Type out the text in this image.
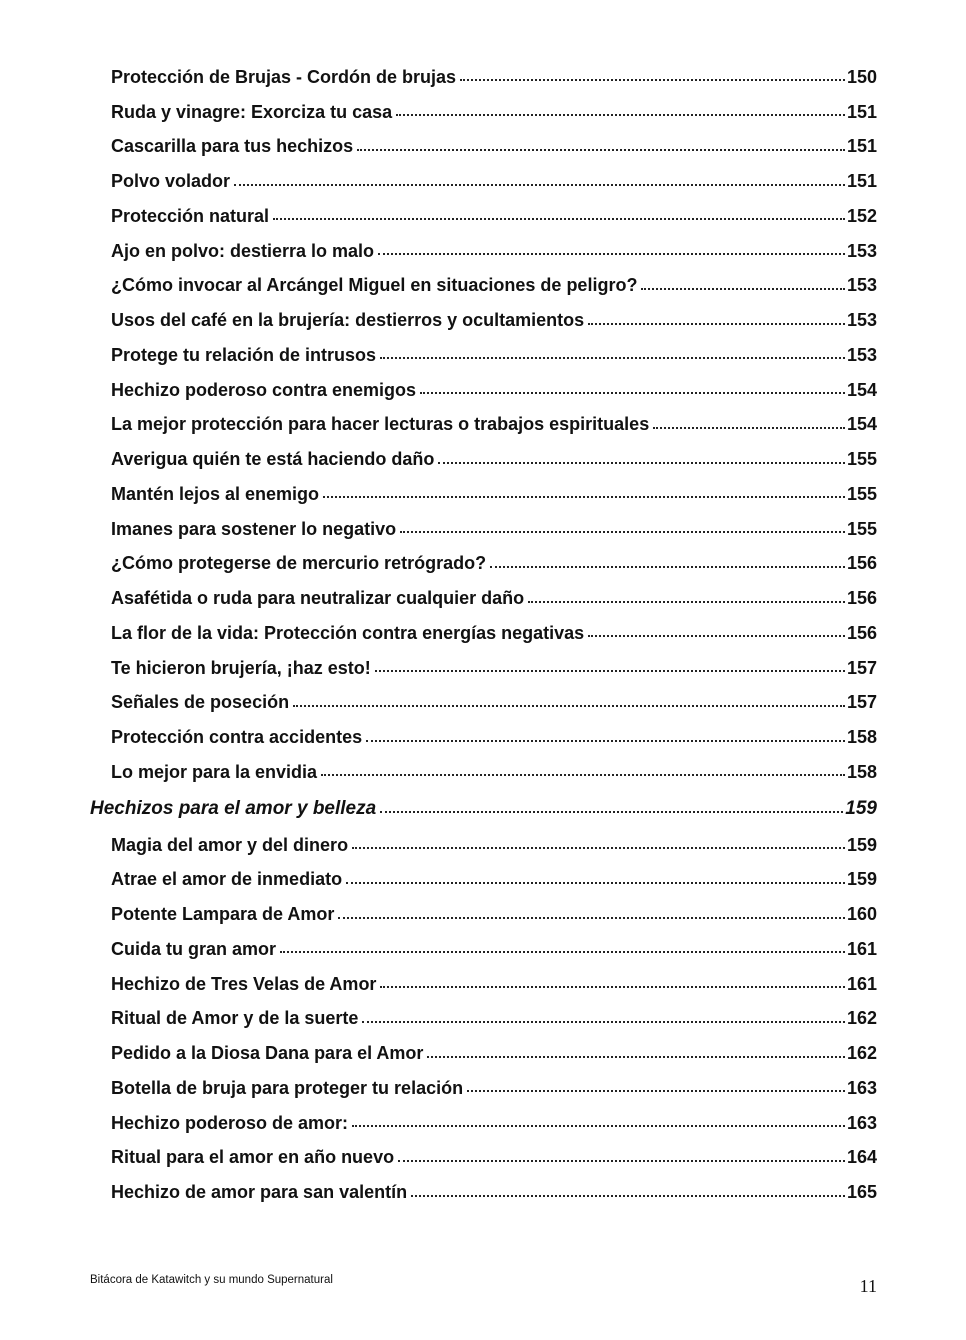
Protección de Brujas - Cordón de brujas	150
Ruda y vinagre: Exorciza tu casa	151
Cascarilla para tus hechizos	151
Polvo volador	151
Protección natural	152
Ajo en polvo: destierra lo malo	153
¿Cómo invocar al Arcángel Miguel en situaciones de peligro?	153
Usos del café en la brujería: destierros y ocultamientos	153
Protege tu relación de intrusos	153
Hechizo poderoso contra enemigos	154
La mejor protección para hacer lecturas o trabajos espirituales	154
Averigua quién te está haciendo daño	155
Mantén lejos al enemigo	155
Imanes para sostener lo negativo	155
¿Cómo protegerse de mercurio retrógrado?	156
Asafétida o ruda para neutralizar cualquier daño	156
La flor de la vida: Protección contra energías negativas	156
Te hicieron brujería, ¡haz esto!	157
Señales de poseción	157
Protección contra accidentes	158
Lo mejor para la envidia	158
Hechizos para el amor y belleza	159
Magia del amor y del dinero	159
Atrae el amor de inmediato	159
Potente Lampara de Amor	160
Cuida tu gran amor	161
Hechizo de Tres Velas de Amor	161
Ritual de Amor y de la suerte	162
Pedido a la Diosa Dana para el Amor	162
Botella de bruja para proteger tu relación	163
Hechizo poderoso de amor:	163
Ritual para el amor en año nuevo	164
Hechizo de amor para san valentín	165
Bitácora de Katawitch y su mundo Supernatural	11
